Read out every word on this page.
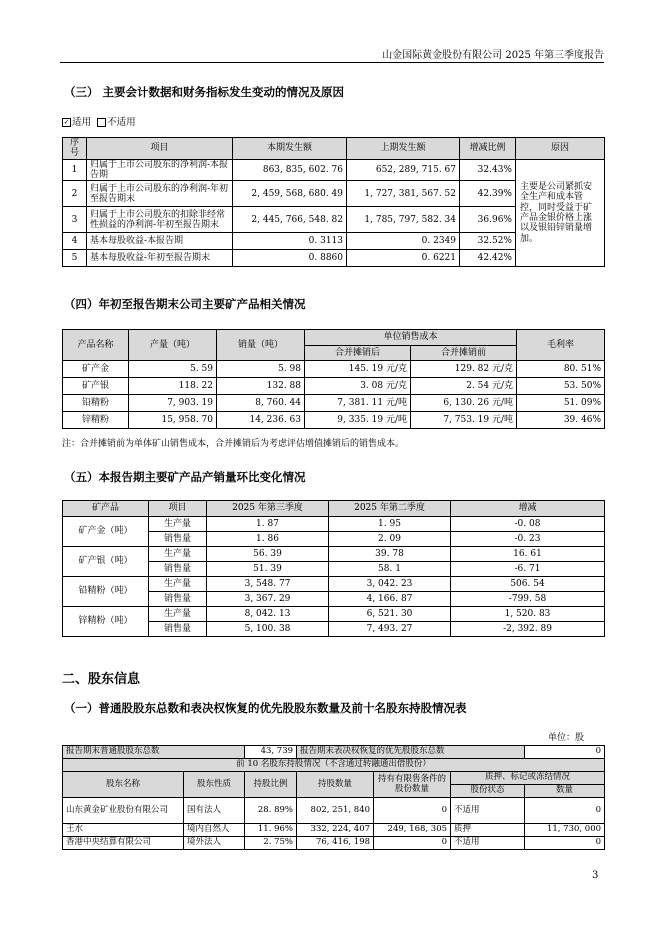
山金国际黄金股份有限公司 2025 年第三季度报告
（三） 主要会计数据和财务指标发生变动的情况及原因
✓ 适用 不适用
序号	项目	本期发生额	上期发生额	增减比例	原因
1	归属于上市公司股东的净利润-本报告期	863, 835, 602. 76	652, 289, 715. 67	32.43%	主要是公司紧抓安全生产和成本管控，同时受益于矿产品金银价格上涨以及银铅锌销量增加。
2	归属于上市公司股东的净利润-年初至报告期末	2, 459, 568, 680. 49	1, 727, 381, 567. 52	42.39%	
3	归属于上市公司股东的扣除非经常性损益的净利润-年初至报告期末	2, 445, 766, 548. 82	1, 785, 797, 582. 34	36.96%	
4	基本每股收益-本报告期	0. 3113	0. 2349	32.52%	
5	基本每股收益-年初至报告期末	0. 8860	0. 6221	42.42%	
（四）年初至报告期末公司主要矿产品相关情况
产品名称	产量（吨）	销量（吨）	单位销售成本		毛利率
			合并摊销后	合并摊销前	
矿产金	5. 59	5. 98	145. 19 元/克	129. 82 元/克	80. 51%
矿产银	118. 22	132. 88	3. 08 元/克	2. 54 元/克	53. 50%
铅精粉	7, 903. 19	8, 760. 44	7, 381. 11 元/吨	6, 130. 26 元/吨	51. 09%
锌精粉	15, 958. 70	14, 236. 63	9, 335. 19 元/吨	7, 753. 19 元/吨	39. 46%
注：合并摊销前为单体矿山销售成本，合并摊销后为考虑评估增值摊销后的销售成本。
（五）本报告期主要矿产品产销量环比变化情况
矿产品	项目	2025 年第三季度	2025 年第二季度	增减
矿产金（吨）	生产量	1. 87	1. 95	-0. 08
	销售量	1. 86	2. 09	-0. 23
矿产银（吨）	生产量	56. 39	39. 78	16. 61
	销售量	51. 39	58. 1	-6. 71
铅精粉（吨）	生产量	3, 548. 77	3, 042. 23	506. 54
	销售量	3, 367. 29	4, 166. 87	-799. 58
锌精粉（吨）	生产量	8, 042. 13	6, 521. 30	1, 520. 83
	销售量	5, 100. 38	7, 493. 27	-2, 392. 89
二、股东信息
（一）普通股股东总数和表决权恢复的优先股股东数量及前十名股东持股情况表
单位：股
报告期末普通股股东总数		43, 739	报告期末表决权恢复的优先股股东总数			0
前 10 名股东持股情况（不含通过转融通出借股份）						
股东名称	股东性质	持股比例	持股数量	持有有限售条件的股份数量	质押、标记或冻结情况	
					股份状态	数量
山东黄金矿业股份有限公司	国有法人	28. 89%	802, 251, 840	0	不适用	0
王水	境内自然人	11. 96%	332, 224, 407	249, 168, 305	质押	11, 730, 000
香港中央结算有限公司	境外法人	2. 75%	76, 416, 198	0	不适用	0
3
